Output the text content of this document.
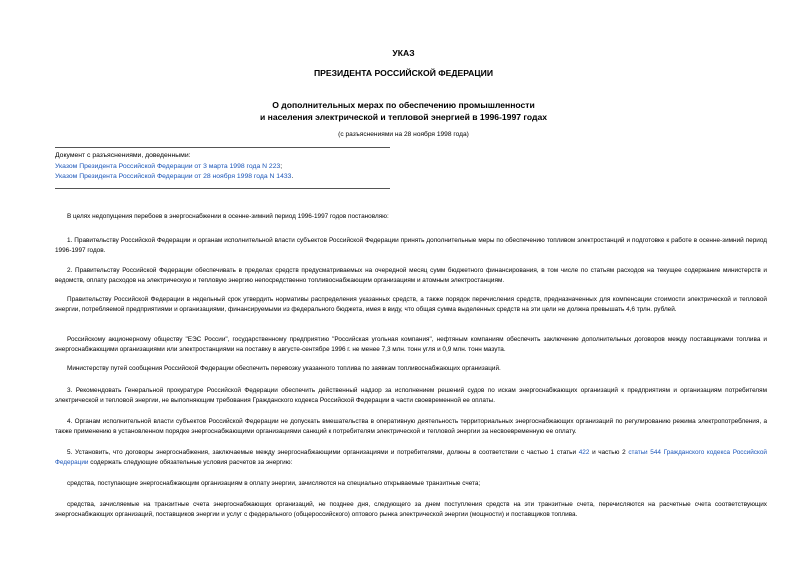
УКАЗ
ПРЕЗИДЕНТА РОССИЙСКОЙ ФЕДЕРАЦИИ
О дополнительных мерах по обеспечению промышленности
и населения электрической и тепловой энергией в 1996-1997 годах
(с разъяснениями на 28 ноября 1998 года)
Документ с разъяснениями, доведенными:
Указом Президента Российской Федерации от 3 марта 1998 года N 223;
Указом Президента Российской Федерации от 28 ноября 1998 года N 1433.
В целях недопущения перебоев в энергоснабжении в осенне-зимний период 1996-1997 годов постановляю:
1. Правительству Российской Федерации и органам исполнительной власти субъектов Российской Федерации принять дополнительные меры по обеспечению топливом электростанций и подготовке к работе в осенне-зимний период 1996-1997 годов.
2. Правительству Российской Федерации обеспечивать в пределах средств предусматриваемых на очередной месяц сумм бюджетного финансирования, в том числе по статьям расходов на текущее содержание министерств и ведомств, оплату расходов на электрическую и тепловую энергию непосредственно топливоснабжающим организациям и атомным электростанциям.
Правительству Российской Федерации в недельный срок утвердить нормативы распределения указанных средств, а также порядок перечисления средств, предназначенных для компенсации стоимости электрической и тепловой энергии, потребляемой предприятиями и организациями, финансируемыми из федерального бюджета, имея в виду, что общая сумма выделенных средств на эти цели не должна превышать 4,6 трлн. рублей.
Российскому акционерному обществу "ЕЭС России", государственному предприятию "Российская угольная компания", нефтяным компаниям обеспечить заключение дополнительных договоров между поставщиками топлива и энергоснабжающими организациями или электростанциями на поставку в августе-сентябре 1996 г. не менее 7,3 млн. тонн угля и 0,9 млн. тонн мазута.
Министерству путей сообщения Российской Федерации обеспечить перевозку указанного топлива по заявкам топливоснабжающих организаций.
3. Рекомендовать Генеральной прокуратуре Российской Федерации обеспечить действенный надзор за исполнением решений судов по искам энергоснабжающих организаций к предприятиям и организациям потребителям электрической и тепловой энергии, не выполняющим требования Гражданского кодекса Российской Федерации в части своевременной ее оплаты.
4. Органам исполнительной власти субъектов Российской Федерации не допускать вмешательства в оперативную деятельность территориальных энергоснабжающих организаций по регулированию режима электропотребления, а также применению в установленном порядке энергоснабжающими организациями санкций к потребителям электрической и тепловой энергии за несвоевременную ее оплату.
5. Установить, что договоры энергоснабжения, заключаемые между энергоснабжающими организациями и потребителями, должны в соответствии с частью 1 статьи 422 и частью 2 статьи 544 Гражданского кодекса Российской Федерации содержать следующие обязательные условия расчетов за энергию:
средства, поступающие энергоснабжающим организациям в оплату энергии, зачисляются на специально открываемые транзитные счета;
средства, зачисляемые на транзитные счета энергоснабжающих организаций, не позднее дня, следующего за днем поступления средств на эти транзитные счета, перечисляются на расчетные счета соответствующих энергоснабжающих организаций, поставщиков энергии и услуг с федерального (общероссийского) оптового рынка электрической энергии (мощности) и поставщиков топлива.
